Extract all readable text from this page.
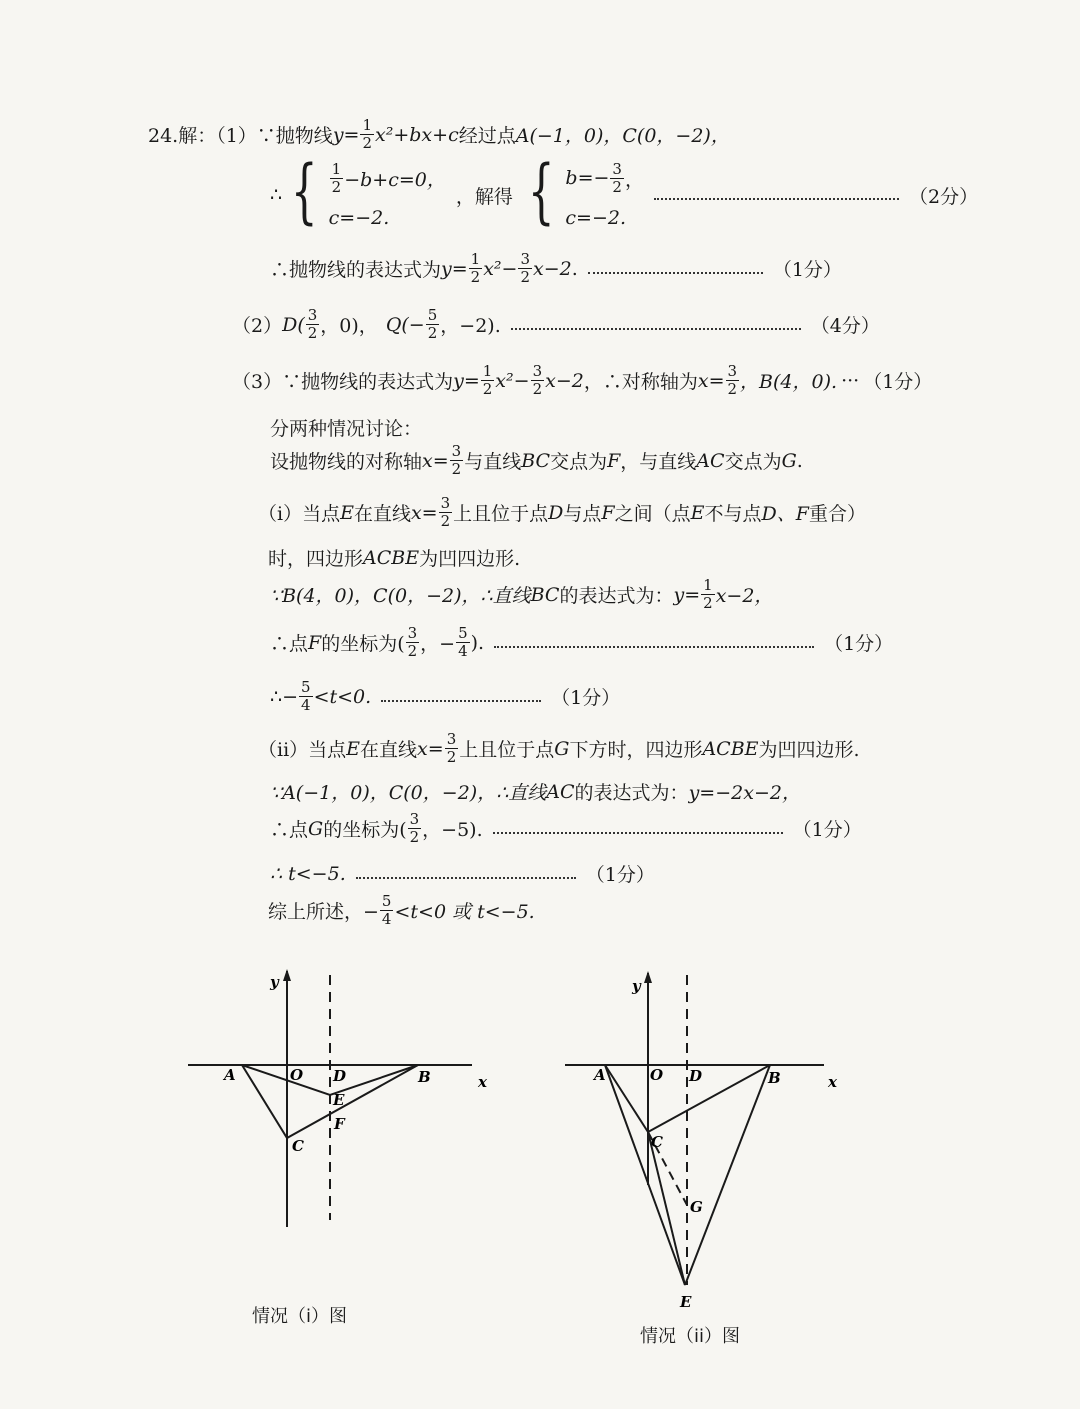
24.解：（1）∵抛物线 $y= \frac{1}{2} x^2+bx+c$ 经过点 A(−1，0)，C(0，−2)，
∴ { $\frac{1}{2} -b+c=0$，
c=−2.
，解得 { $b=- \frac{3}{2}$ ，
c=−2.
（2分）
∴抛物线的表达式为 $y= \frac{1}{2} x^2- \frac{3}{2} x-2$ .	（1分）
（2） $D( \frac{3}{2}$ ，0)， $Q(- \frac{5}{2}$ ，−2).	（4分）
（3）∵抛物线的表达式为 $y= \frac{1}{2} x^2- \frac{3}{2} x-2$ ，∴对称轴为 $x= \frac{3}{2}$ ，B(4，0). ··· （1分）
分两种情况讨论：
设抛物线的对称轴 $x= \frac{3}{2}$ 与直线 BC 交点为 F ，与直线 AC 交点为 G .
（i）当点 E 在直线 $x= \frac{3}{2}$ 上且位于点 D 与点 F 之间（点 E 不与点 D、F 重合）
时，四边形 ACBE 为凹四边形.
∵B(4，0)，C(0，−2)，∴直线 BC 的表达式为： $y= \frac{1}{2} x-2$，
∴点 F 的坐标为( $\frac{3}{2}$ ，− $\frac{5}{4}$ ).	（1分）
∴− $\frac{5}{4} <t<0$.	（1分）
（ii）当点 E 在直线 $x= \frac{3}{2}$ 上且位于点 G 下方时，四边形 ACBE 为凹四边形.
∵A(−1，0)，C(0，−2)，∴直线 AC 的表达式为： y=−2x−2，
∴点 G 的坐标为( $\frac{3}{2}$ ，−5).	（1分）
∴ t<−5.	（1分）
综上所述，− $\frac{5}{4} <t<0$ 或 t<−5.
y
x
O
A	B
C
D
E
F
情况（i）图
y
x
O
A	B
C
D
G
E
情况（ii）图
